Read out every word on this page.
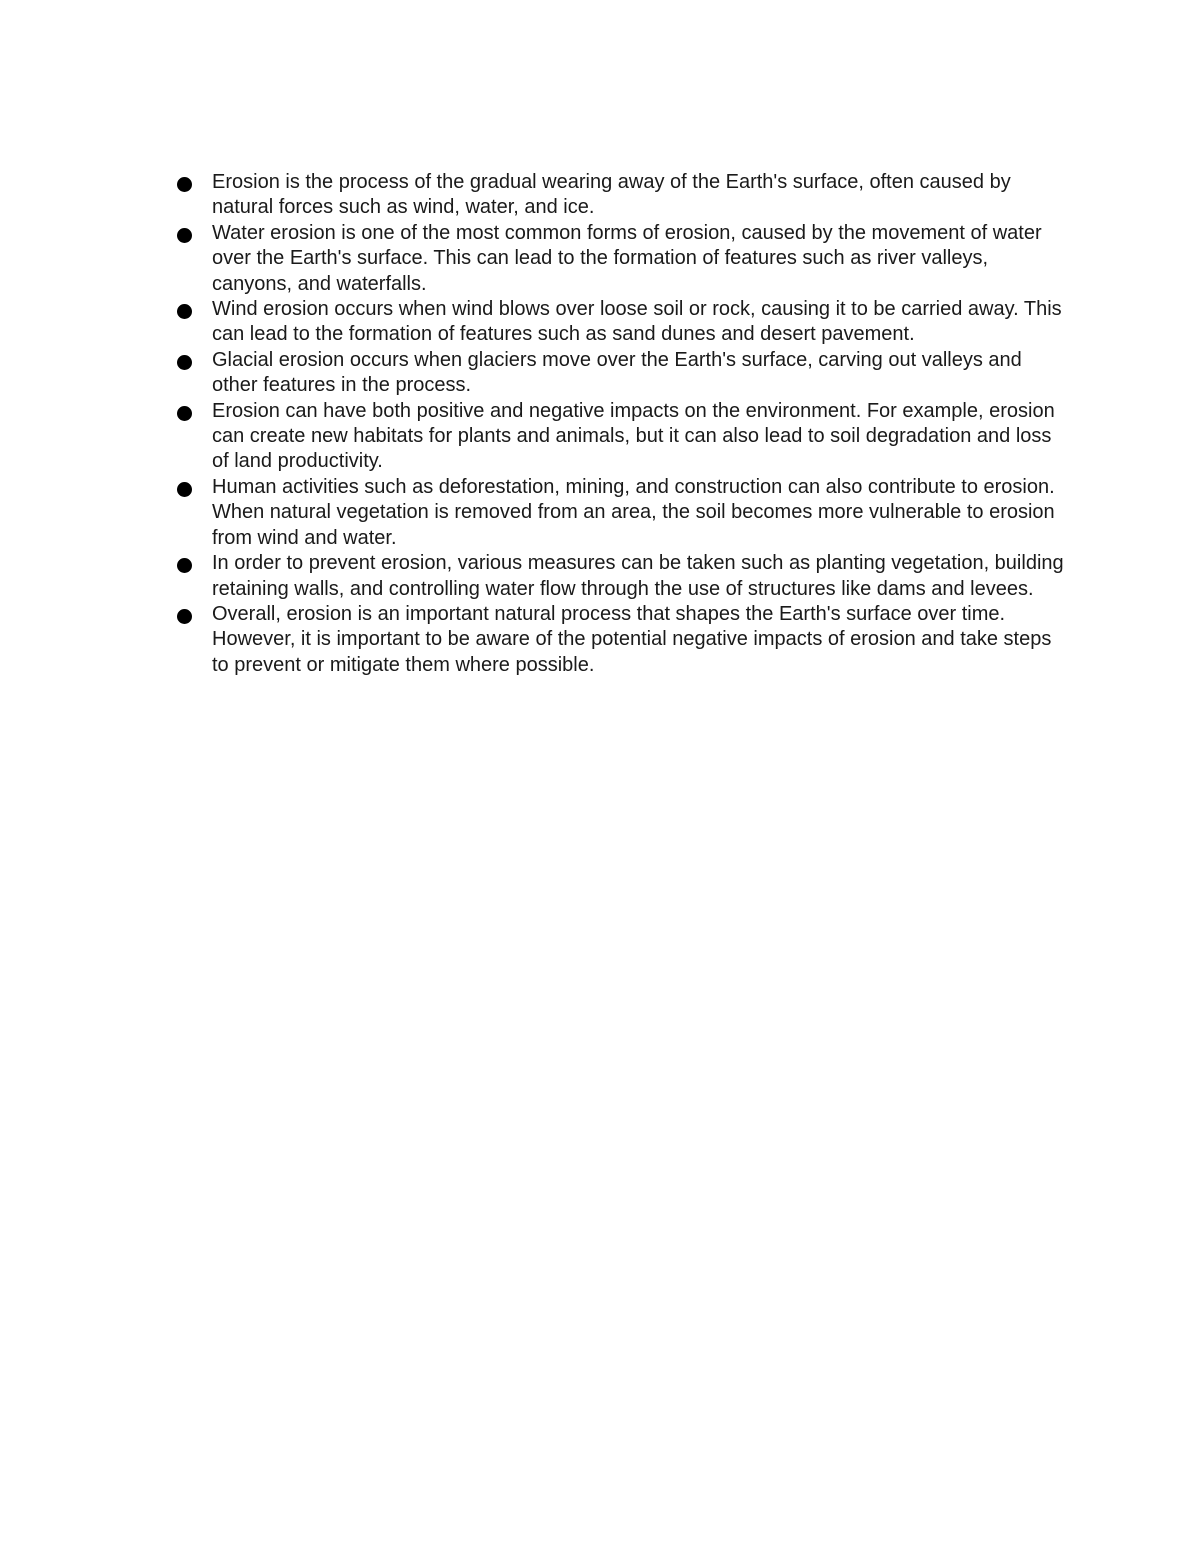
Erosion is the process of the gradual wearing away of the Earth's surface, often caused by natural forces such as wind, water, and ice.
Water erosion is one of the most common forms of erosion, caused by the movement of water over the Earth's surface. This can lead to the formation of features such as river valleys, canyons, and waterfalls.
Wind erosion occurs when wind blows over loose soil or rock, causing it to be carried away. This can lead to the formation of features such as sand dunes and desert pavement.
Glacial erosion occurs when glaciers move over the Earth's surface, carving out valleys and other features in the process.
Erosion can have both positive and negative impacts on the environment. For example, erosion can create new habitats for plants and animals, but it can also lead to soil degradation and loss of land productivity.
Human activities such as deforestation, mining, and construction can also contribute to erosion. When natural vegetation is removed from an area, the soil becomes more vulnerable to erosion from wind and water.
In order to prevent erosion, various measures can be taken such as planting vegetation, building retaining walls, and controlling water flow through the use of structures like dams and levees.
Overall, erosion is an important natural process that shapes the Earth's surface over time. However, it is important to be aware of the potential negative impacts of erosion and take steps to prevent or mitigate them where possible.
